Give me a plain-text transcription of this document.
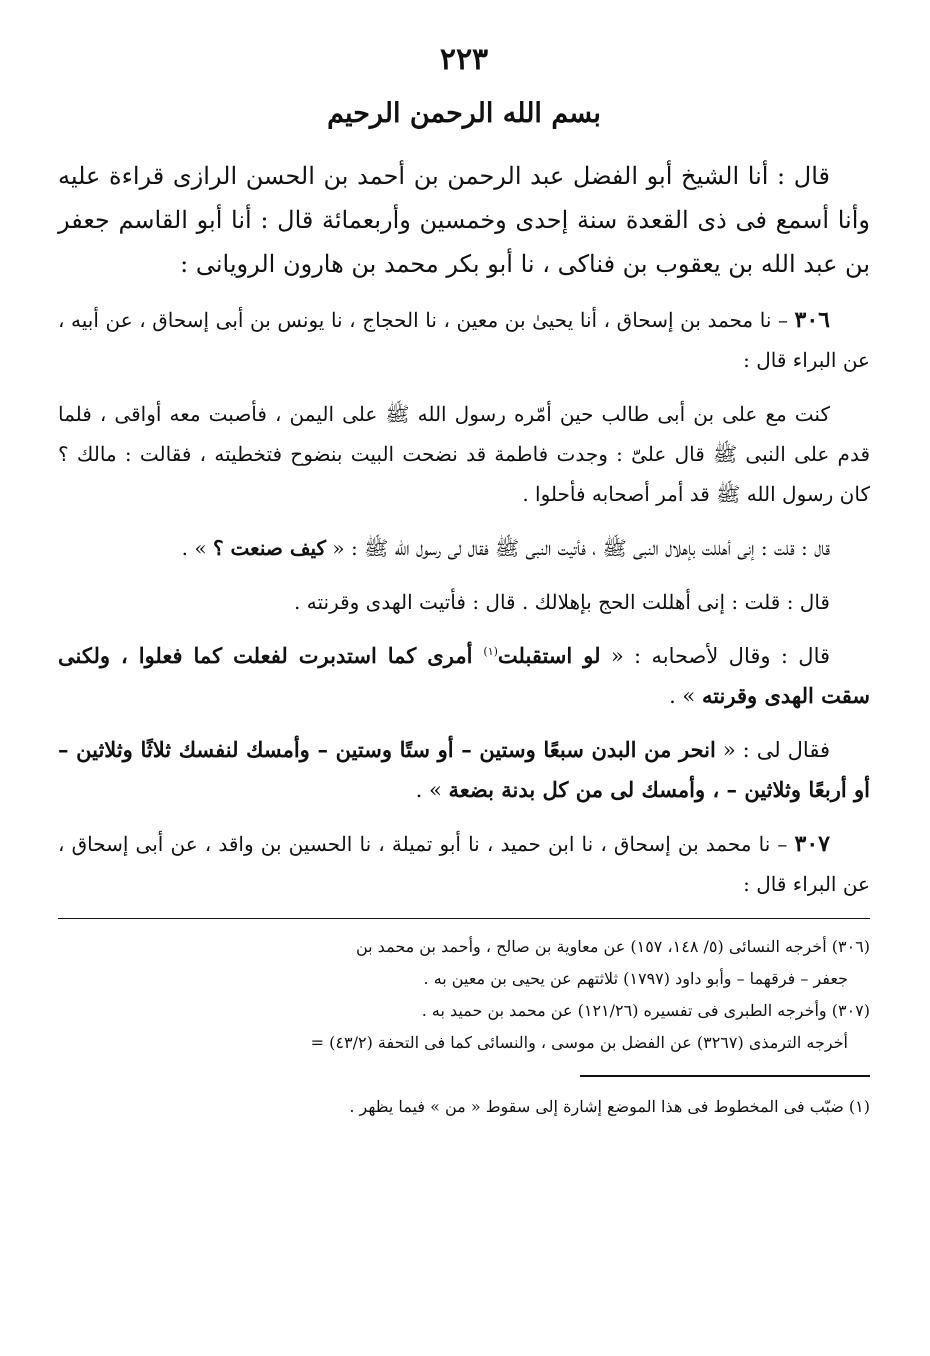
٢٢٣
بسم الله الرحمن الرحيم

قال : أنا الشيخ أبو الفضل عبد الرحمن بن أحمد بن الحسن الرازى قراءة عليه وأنا أسمع فى ذى القعدة سنة إحدى وخمسين وأربعمائة قال : أنا أبو القاسم جعفر بن عبد الله بن يعقوب بن فناكى ، نا أبو بكر محمد بن هارون الرويانى :

٣٠٦ – نا محمد بن إسحاق ، أنا يحيىٰ بن معين ، نا الحجاج ، نا يونس بن أبى إسحاق ، عن أبيه ، عن البراء قال :

كنت مع على بن أبى طالب حين أمّره رسول الله ﷺ على اليمن ، فأصبت معه أواقى ، فلما قدم على النبى ﷺ قال علىّ : وجدت فاطمة قد نضحت البيت بنضوح فتخطيته ، فقالت : مالك ؟ كان رسول الله ﷺ قد أمر أصحابه فأحلوا .

قال : قلت : إنى أهللت بإهلال النبى ﷺ ، فأتيت النبى ﷺ فقال لى رسول الله ﷺ : « كيف صنعت ؟ » .

قال : قلت : إنى أهللت الحج بإهلالك . قال : فأتيت الهدى وقرنته .

قال : وقال لأصحابه : « لو استقبلت$^{(١)}$ أمرى كما استدبرت لفعلت كما فعلوا ، ولكنى سقت الهدى وقرنته » .

فقال لى : « انحر من البدن سبعًا وستين – أو ستًا وستين – وأمسك لنفسك ثلاثًا وثلاثين – أو أربعًا وثلاثين – ، وأمسك لى من كل بدنة بضعة » .

٣٠٧ – نا محمد بن إسحاق ، نا ابن حميد ، نا أبو تميلة ، نا الحسين بن واقد ، عن أبى إسحاق ، عن البراء قال :

(٣٠٦) أخرجه النسائى (٥/ ١٤٨، ١٥٧) عن معاوية بن صالح ، وأحمد بن محمد بن

جعفر – فرقهما – وأبو داود (١٧٩٧) ثلاثتهم عن يحيى بن معين به .

(٣٠٧) وأخرجه الطبرى فى تفسيره (١٢١/٢٦) عن محمد بن حميد به .

أخرجه الترمذى (٣٢٦٧) عن الفضل بن موسى ، والنسائى كما فى التحفة (٤٣/٢) =

(١) ضبّب فى المخطوط فى هذا الموضع إشارة إلى سقوط « من » فيما يظهر .
